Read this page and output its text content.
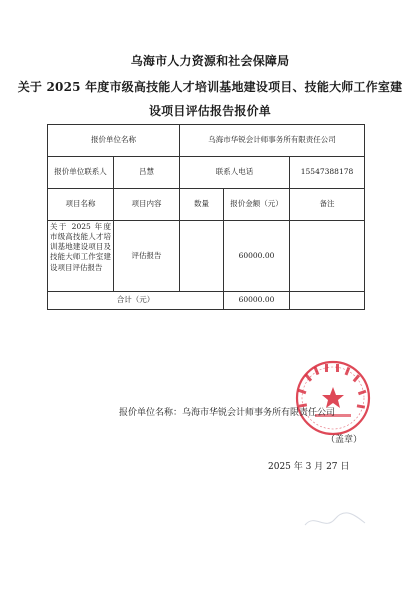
乌海市人力资源和社会保障局
关于 2025 年度市级高技能人才培训基地建设项目、技能大师工作室建设项目评估报告报价单
报价单位名称		乌海市华锐会计师事务所有限责任公司		
报价单位联系人	吕慧	联系人电话		15547388178
项目名称	项目内容	数量	报价金额（元）	备注
关于 2025 年度市级高技能人才培训基地建设项目及技能大师工作室建设项目评估报告	评估报告		60000.00	
合计（元）			60000.00	
报价单位名称：乌海市华锐会计师事务所有限责任公司
（盖章）
2025 年 3 月 27 日
